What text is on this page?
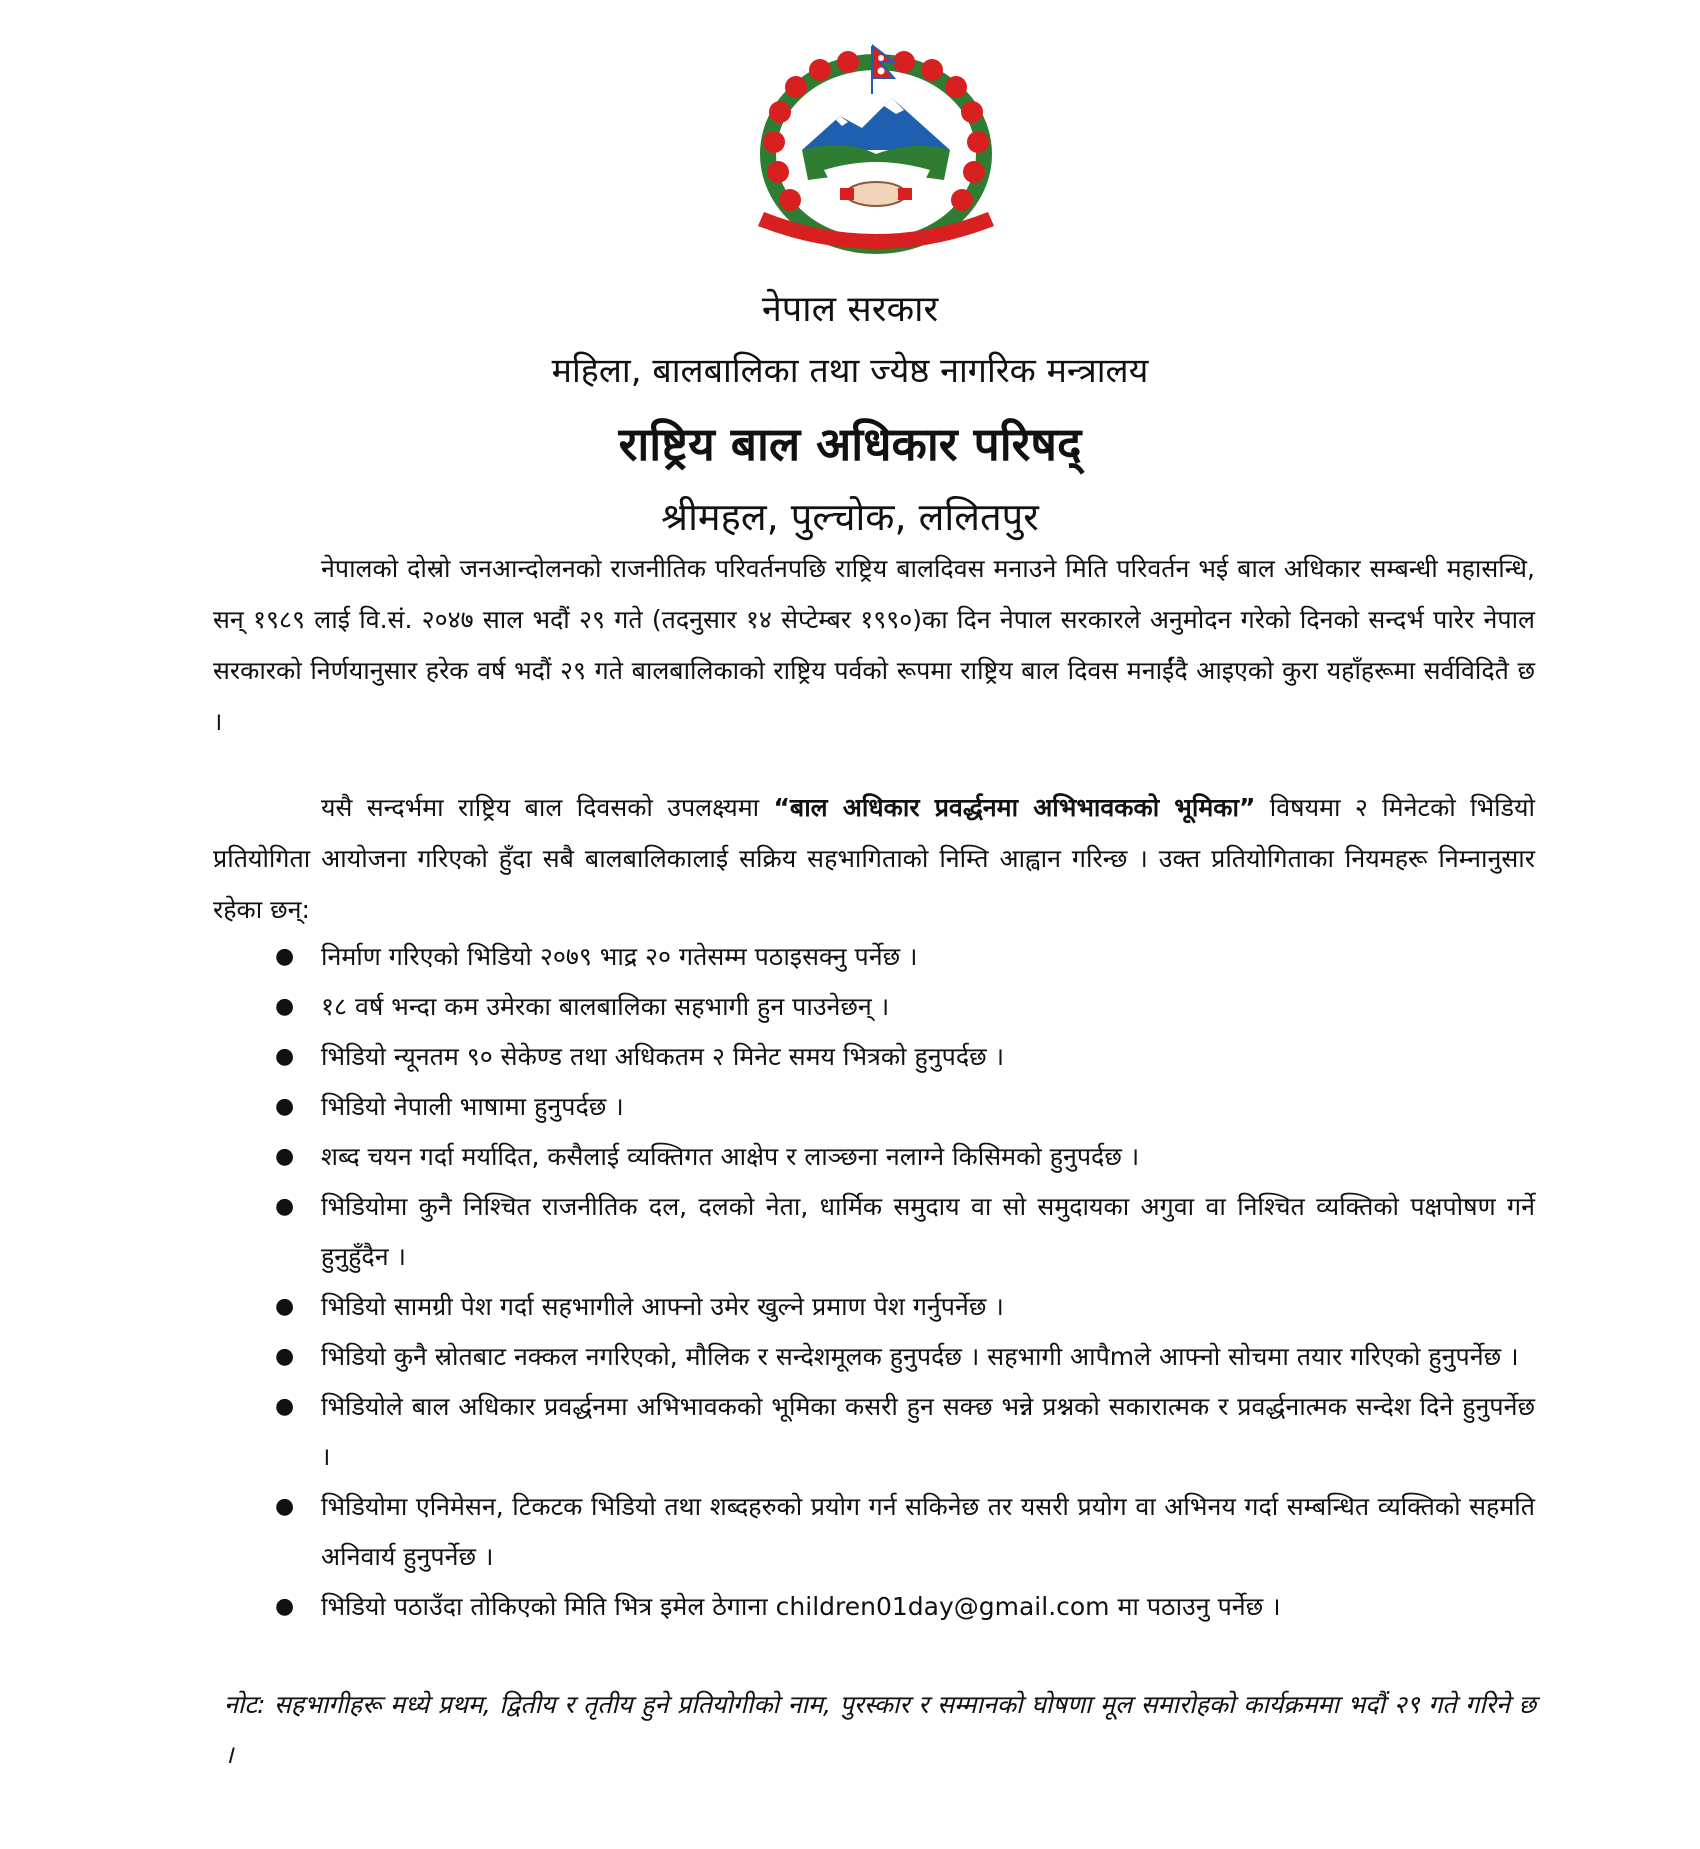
नेपाल सरकार
महिला, बालबालिका तथा ज्येष्ठ नागरिक मन्त्रालय
राष्ट्रिय बाल अधिकार परिषद्
श्रीमहल, पुल्चोक, ललितपुर

नेपालको दोस्रो जनआन्दोलनको राजनीतिक परिवर्तनपछि राष्ट्रिय बालदिवस मनाउने मिति परिवर्तन भई बाल अधिकार सम्बन्धी महासन्धि, सन् १९८९ लाई वि.सं. २०४७ साल भदौं २९ गते (तदनुसार १४ सेप्टेम्बर १९९०)का दिन नेपाल सरकारले अनुमोदन गरेको दिनको सन्दर्भ पारेर नेपाल सरकारको निर्णयानुसार हरेक वर्ष भदौं २९ गते बालबालिकाको राष्ट्रिय पर्वको रूपमा राष्ट्रिय बाल दिवस मनाईंदै आइएको कुरा यहाँहरूमा सर्वविदितै छ ।

यसै सन्दर्भमा राष्ट्रिय बाल दिवसको उपलक्ष्यमा “बाल अधिकार प्रवर्द्धनमा अभिभावकको भूमिका” विषयमा २ मिनेटको भिडियो प्रतियोगिता आयोजना गरिएको हुँदा सबै बालबालिकालाई सक्रिय सहभागिताको निम्ति आह्वान गरिन्छ । उक्त प्रतियोगिताका नियमहरू निम्नानुसार रहेका छन्:

● निर्माण गरिएको भिडियो २०७९ भाद्र २० गतेसम्म पठाइसक्नु पर्नेछ ।
● १८ वर्ष भन्दा कम उमेरका बालबालिका सहभागी हुन पाउनेछन् ।
● भिडियो न्यूनतम ९० सेकेण्ड तथा अधिकतम २ मिनेट समय भित्रको हुनुपर्दछ ।
● भिडियो नेपाली भाषामा हुनुपर्दछ ।
● शब्द चयन गर्दा मर्यादित, कसैलाई व्यक्तिगत आक्षेप र लाञ्छना नलाग्ने किसिमको हुनुपर्दछ ।
● भिडियोमा कुनै निश्चित राजनीतिक दल, दलको नेता, धार्मिक समुदाय वा सो समुदायका अगुवा वा निश्चित व्यक्तिको पक्षपोषण गर्ने हुनुहुँदैन ।
● भिडियो सामग्री पेश गर्दा सहभागीले आफ्नो उमेर खुल्ने प्रमाण पेश गर्नुपर्नेछ ।
● भिडियो कुनै स्रोतबाट नक्कल नगरिएको, मौलिक र सन्देशमूलक हुनुपर्दछ । सहभागी आपैmले आफ्नो सोचमा तयार गरिएको हुनुपर्नेछ ।
● भिडियोले बाल अधिकार प्रवर्द्धनमा अभिभावकको भूमिका कसरी हुन सक्छ भन्ने प्रश्नको सकारात्मक र प्रवर्द्धनात्मक सन्देश दिने हुनुपर्नेछ ।
● भिडियोमा एनिमेसन, टिकटक भिडियो तथा शब्दहरुको प्रयोग गर्न सकिनेछ तर यसरी प्रयोग वा अभिनय गर्दा सम्बन्धित व्यक्तिको सहमति अनिवार्य हुनुपर्नेछ ।
● भिडियो पठाउँदा तोकिएको मिति भित्र इमेल ठेगाना children01day@gmail.com मा पठाउनु पर्नेछ ।

नोट: सहभागीहरू मध्ये प्रथम, द्वितीय र तृतीय हुने प्रतियोगीको नाम, पुरस्कार र सम्मानको घोषणा मूल समारोहको कार्यक्रममा भदौं २९ गते गरिने छ ।
